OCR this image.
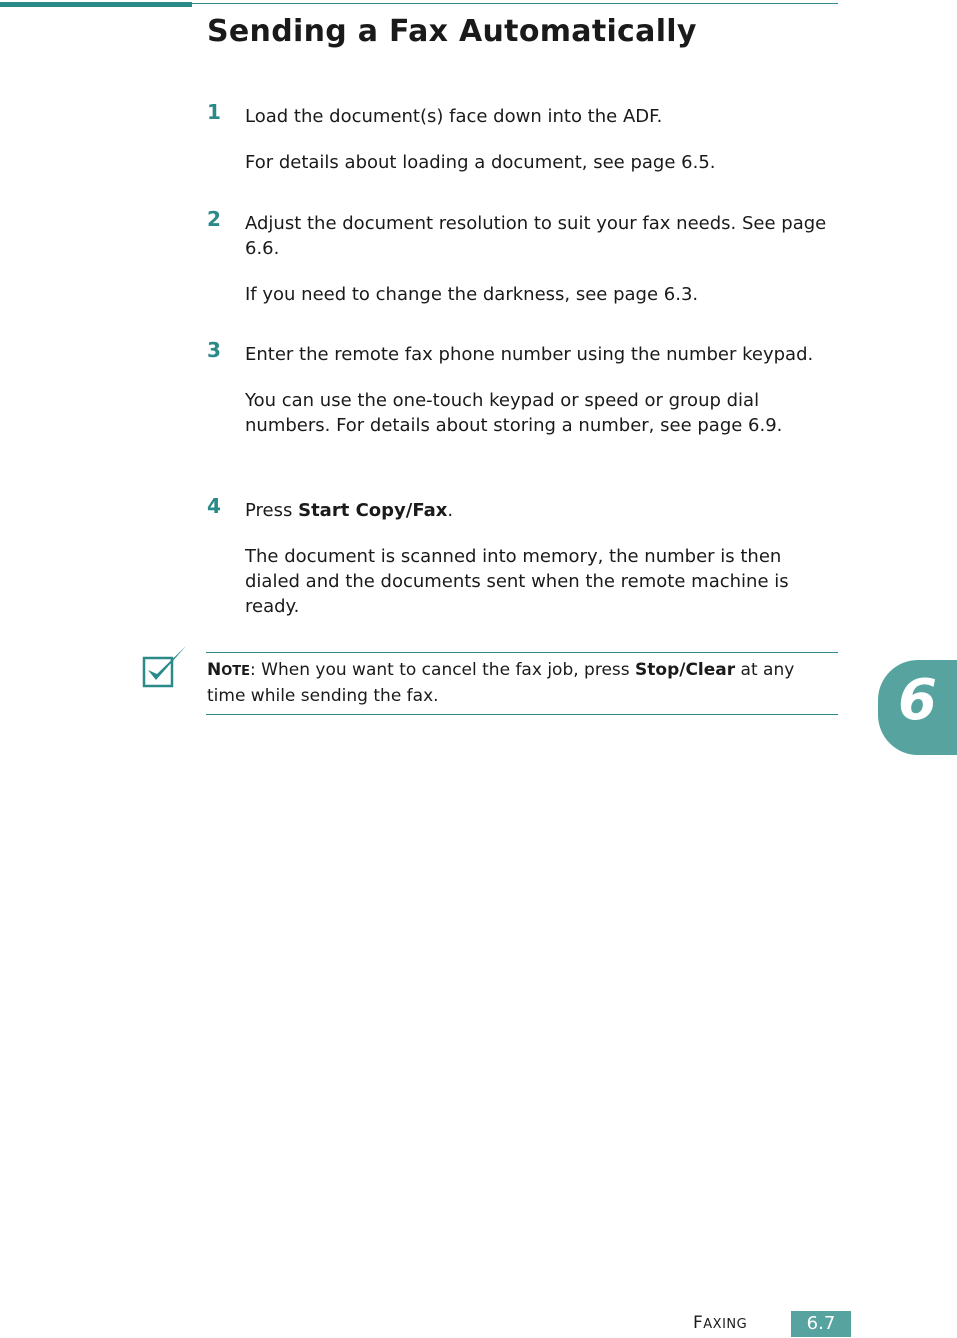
Sending a Fax Automatically
1 Load the document(s) face down into the ADF.

For details about loading a document, see page 6.5.

2 Adjust the document resolution to suit your fax needs. See page 6.6.

If you need to change the darkness, see page 6.3.

3 Enter the remote fax phone number using the number keypad.

You can use the one-touch keypad or speed or group dial numbers. For details about storing a number, see page 6.9.

4 Press Start Copy/Fax.

The document is scanned into memory, the number is then dialed and the documents sent when the remote machine is ready.

NOTE: When you want to cancel the fax job, press Stop/Clear at any time while sending the fax.	6
FAXING	6.7
